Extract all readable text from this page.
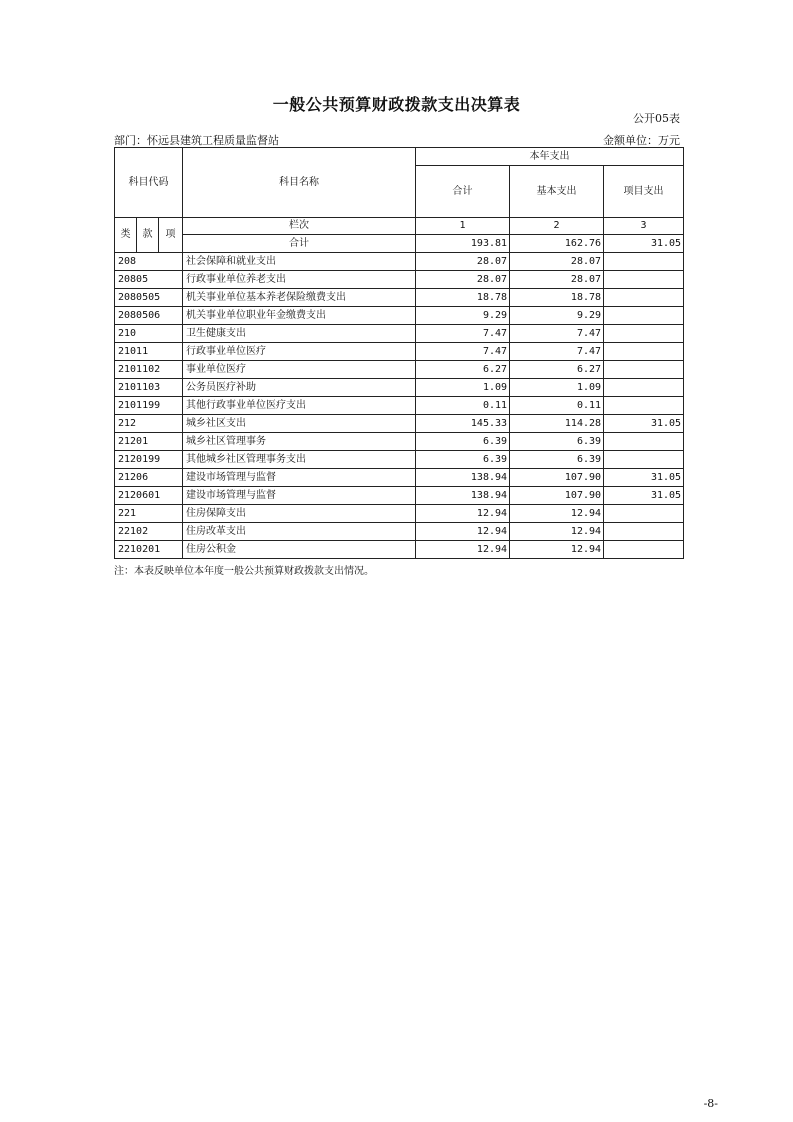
一般公共预算财政拨款支出决算表
公开05表
部门：怀远县建筑工程质量监督站	金额单位：万元
科目代码			科目名称	本年支出		
				合计	基本支出	项目支出
类	款	项	栏次	1	2	3
			合计	193.81	162.76	31.05
208			社会保障和就业支出	28.07	28.07	
20805			行政事业单位养老支出	28.07	28.07	
2080505			机关事业单位基本养老保险缴费支出	18.78	18.78	
2080506			机关事业单位职业年金缴费支出	9.29	9.29	
210			卫生健康支出	7.47	7.47	
21011			行政事业单位医疗	7.47	7.47	
2101102			事业单位医疗	6.27	6.27	
2101103			公务员医疗补助	1.09	1.09	
2101199			其他行政事业单位医疗支出	0.11	0.11	
212			城乡社区支出	145.33	114.28	31.05
21201			城乡社区管理事务	6.39	6.39	
2120199			其他城乡社区管理事务支出	6.39	6.39	
21206			建设市场管理与监督	138.94	107.90	31.05
2120601			建设市场管理与监督	138.94	107.90	31.05
221			住房保障支出	12.94	12.94	
22102			住房改革支出	12.94	12.94	
2210201			住房公积金	12.94	12.94	
注：本表反映单位本年度一般公共预算财政拨款支出情况。
-8-
